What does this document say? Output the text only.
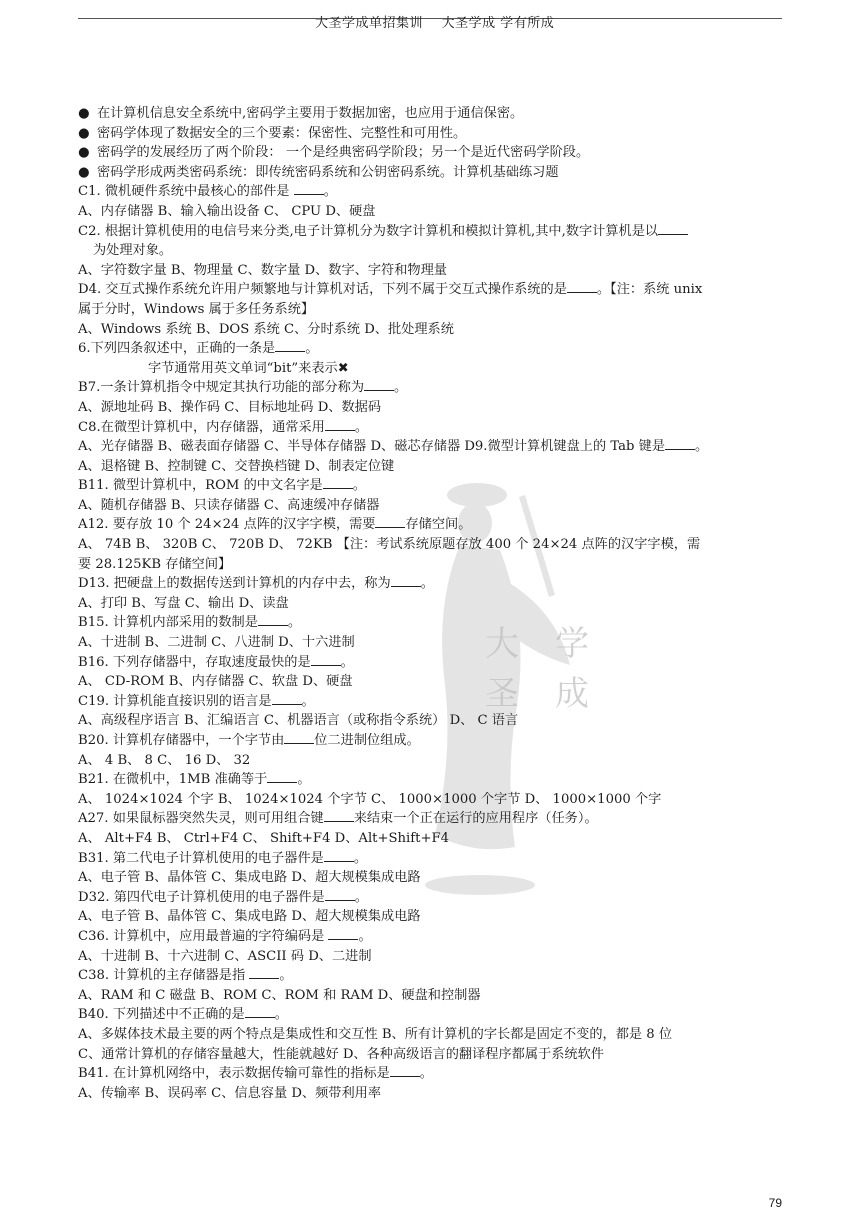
大圣学成单招集训    大圣学成 学有所成

大
圣
学
成
● 在计算机信息安全系统中,密码学主要用于数据加密，也应用于通信保密。
● 密码学体现了数据安全的三个要素：保密性、完整性和可用性。
● 密码学的发展经历了两个阶段： 一个是经典密码学阶段；另一个是近代密码学阶段。
● 密码学形成两类密码系统：即传统密码系统和公钥密码系统。计算机基础练习题
C1. 微机硬件系统中最核心的部件是 。
A、内存储器 B、输入输出设备 C、 CPU D、硬盘
C2. 根据计算机使用的电信号来分类,电子计算机分为数字计算机和模拟计算机,其中,数字计算机是以
为处理对象。
A、字符数字量 B、物理量 C、数字量 D、数字、字符和物理量
D4. 交互式操作系统允许用户频繁地与计算机对话，下列不属于交互式操作系统的是 。【注：系统 unix
属于分时，Windows 属于多任务系统】
A、Windows 系统 B、DOS 系统 C、分时系统 D、批处理系统
6.下列四条叙述中，正确的一条是 。
字节通常用英文单词“bit”来表示✖
B7.一条计算机指令中规定其执行功能的部分称为 。
A、源地址码 B、操作码 C、目标地址码 D、数据码
C8.在微型计算机中，内存储器，通常采用 。
A、光存储器 B、磁表面存储器 C、半导体存储器 D、磁芯存储器 D9.微型计算机键盘上的 Tab 键是 。
A、退格键 B、控制键 C、交替换档键 D、制表定位键
B11. 微型计算机中，ROM 的中文名字是 。
A、随机存储器 B、只读存储器 C、高速缓冲存储器
A12. 要存放 10 个 24×24 点阵的汉字字模，需要 存储空间。
A、 74B B、 320B C、 720B D、 72KB 【注：考试系统原题存放 400 个 24×24 点阵的汉字字模，需
要 28.125KB 存储空间】
D13. 把硬盘上的数据传送到计算机的内存中去，称为 。
A、打印 B、写盘 C、输出 D、读盘
B15. 计算机内部采用的数制是 。
A、十进制 B、二进制 C、八进制 D、十六进制
B16. 下列存储器中，存取速度最快的是 。
A、 CD-ROM B、内存储器 C、软盘 D、硬盘
C19. 计算机能直接识别的语言是 。
A、高级程序语言 B、汇编语言 C、机器语言（或称指令系统） D、 C 语言
B20. 计算机存储器中，一个字节由 位二进制位组成。
A、 4 B、 8 C、 16 D、 32
B21. 在微机中，1MB 准确等于 。
A、 1024×1024 个字 B、 1024×1024 个字节 C、 1000×1000 个字节 D、 1000×1000 个字
A27. 如果鼠标器突然失灵，则可用组合键 来结束一个正在运行的应用程序（任务）。
A、 Alt+F4 B、 Ctrl+F4 C、 Shift+F4 D、Alt+Shift+F4
B31. 第二代电子计算机使用的电子器件是 。
A、电子管 B、晶体管 C、集成电路 D、超大规模集成电路
D32. 第四代电子计算机使用的电子器件是 。
A、电子管 B、晶体管 C、集成电路 D、超大规模集成电路
C36. 计算机中，应用最普遍的字符编码是 。
A、十进制 B、十六进制 C、ASCII 码 D、二进制
C38. 计算机的主存储器是指 。
A、RAM 和 C 磁盘 B、ROM C、ROM 和 RAM D、硬盘和控制器
B40. 下列描述中不正确的是 。
A、多媒体技术最主要的两个特点是集成性和交互性 B、所有计算机的字长都是固定不变的，都是 8 位
C、通常计算机的存储容量越大，性能就越好 D、各种高级语言的翻译程序都属于系统软件
B41. 在计算机网络中，表示数据传输可靠性的指标是 。
A、传输率 B、误码率 C、信息容量 D、频带利用率
79
